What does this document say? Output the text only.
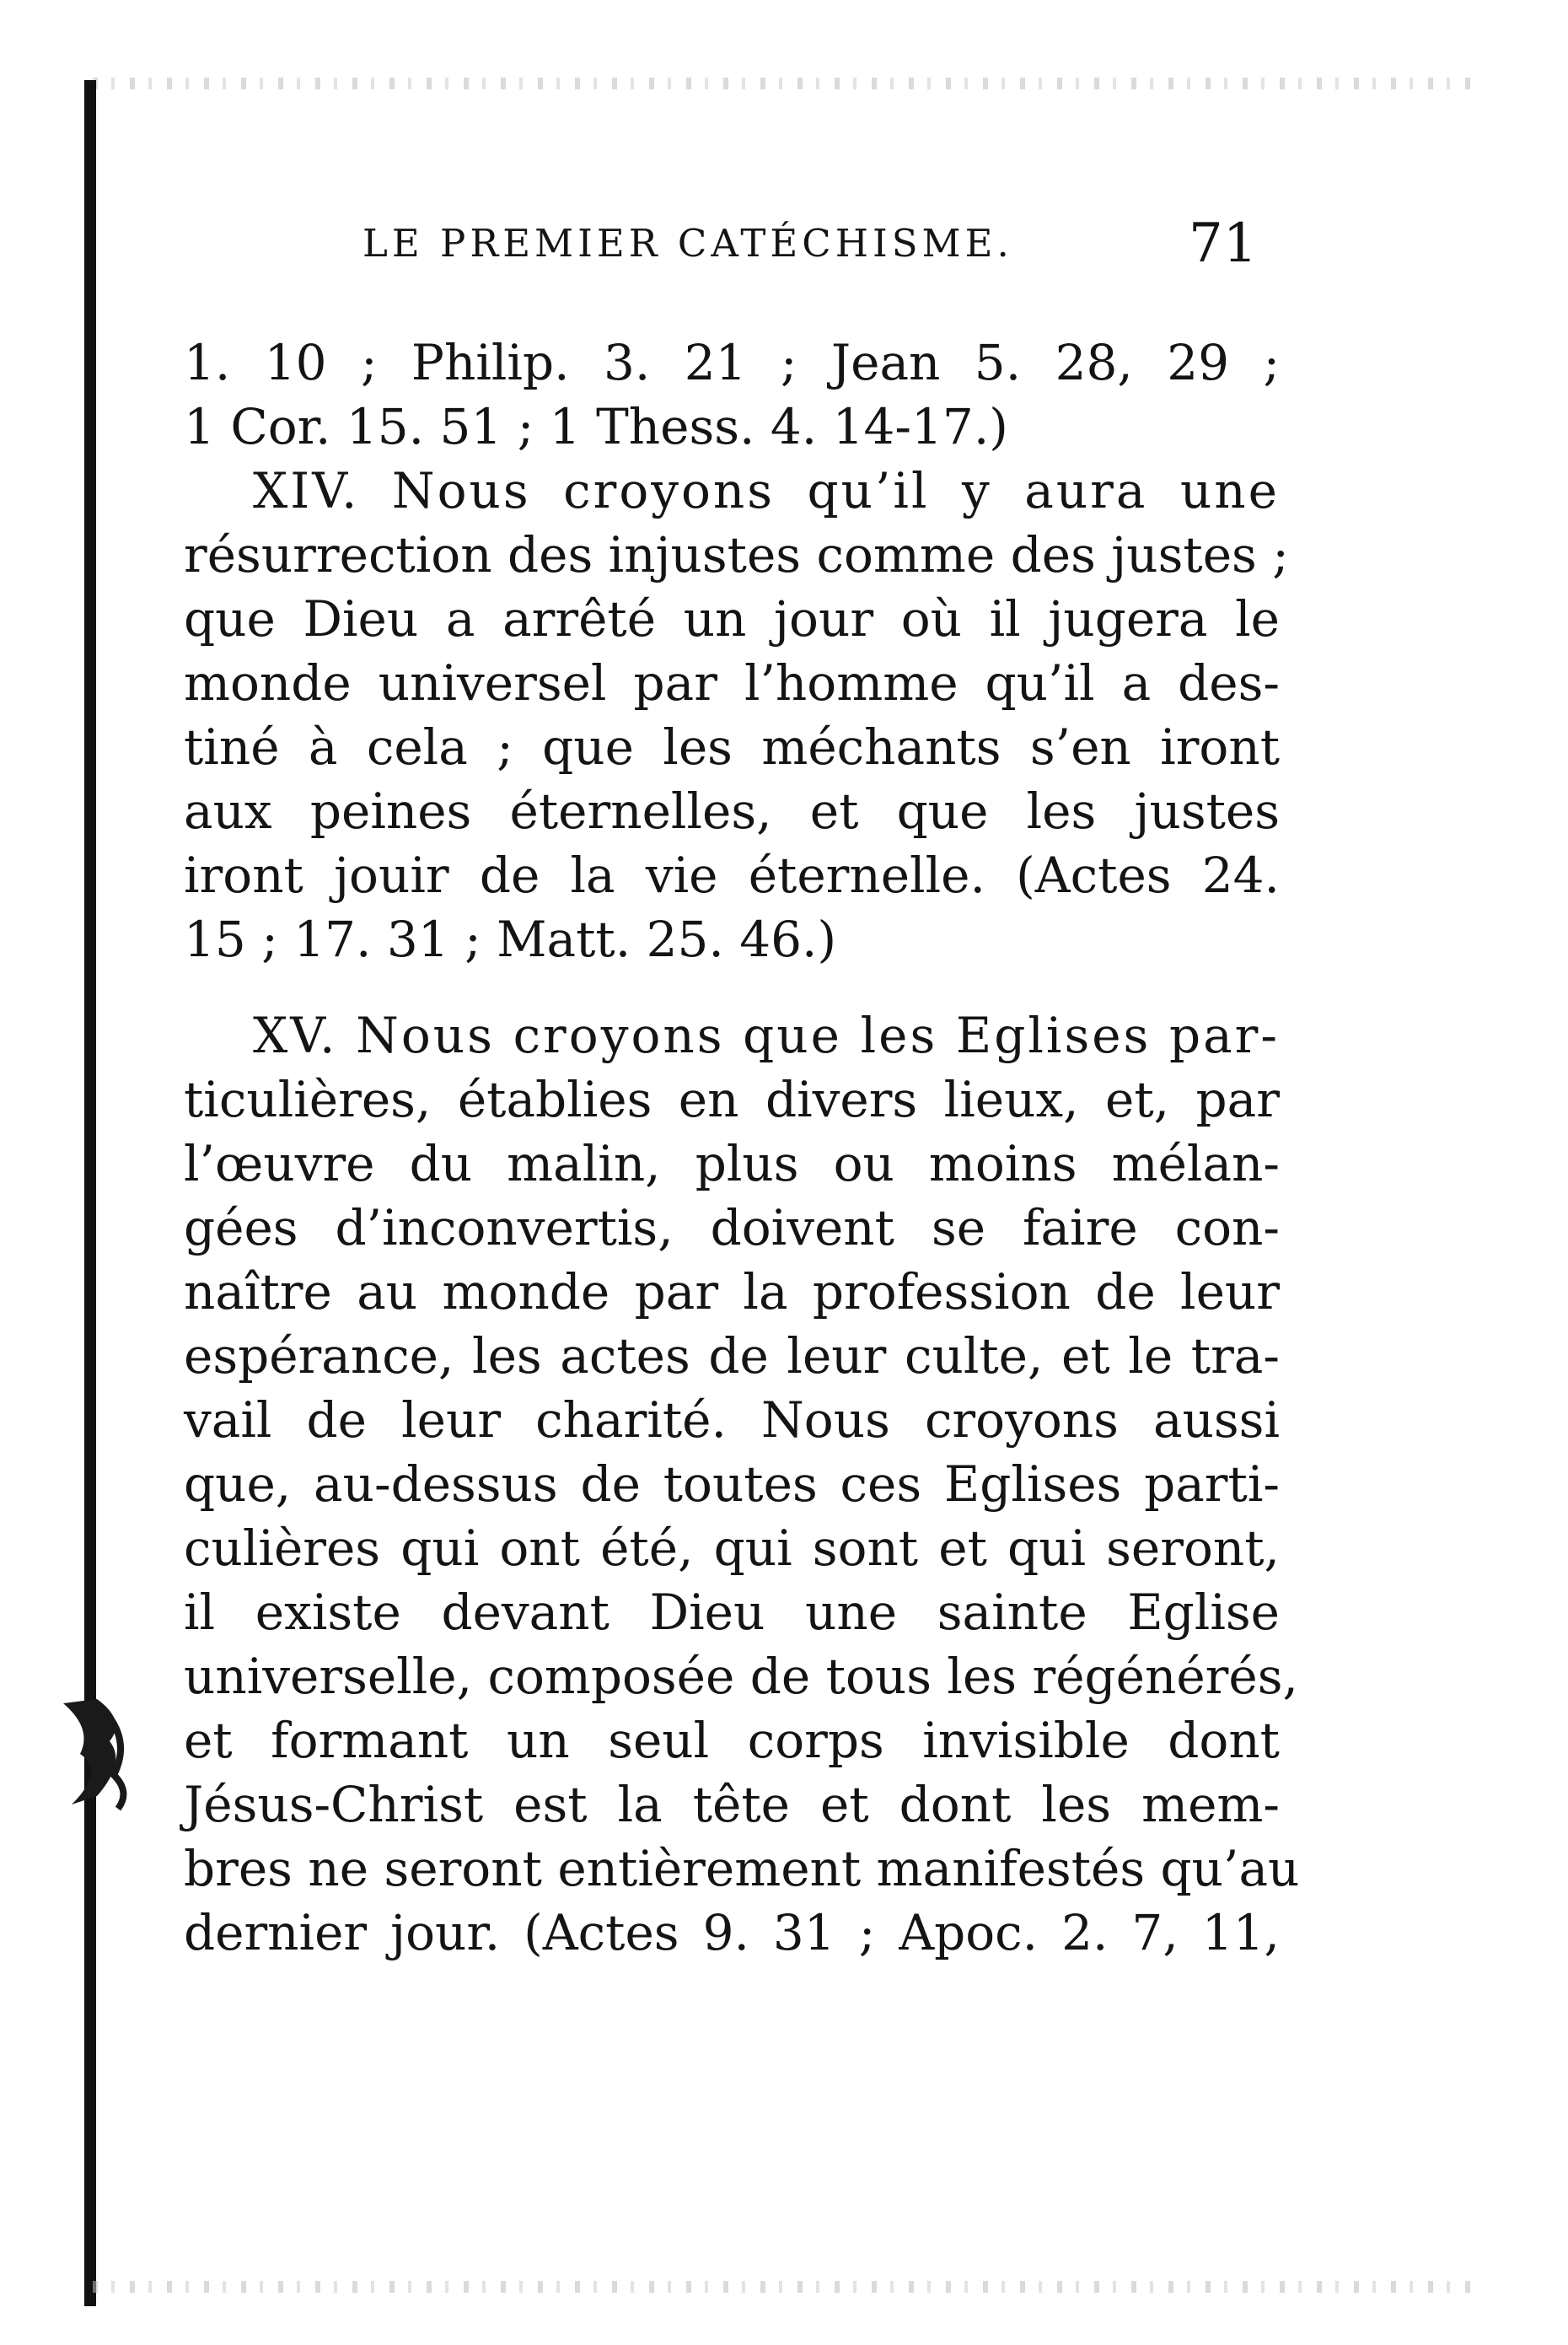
LE PREMIER CATÉCHISME.	71
1. 10 ; Philip. 3. 21 ; Jean 5. 28, 29 ;
1 Cor. 15. 51 ; 1 Thess. 4. 14-17.)
XIV. Nous croyons qu’il y aura une
résurrection des injustes comme des justes ;
que Dieu a arrêté un jour où il jugera le
monde universel par l’homme qu’il a des-
tiné à cela ; que les méchants s’en iront
aux peines éternelles, et que les justes
iront jouir de la vie éternelle. (Actes 24.
15 ; 17. 31 ; Matt. 25. 46.)
XV. Nous croyons que les Eglises par-
ticulières, établies en divers lieux, et, par
l’œuvre du malin, plus ou moins mélan-
gées d’inconvertis, doivent se faire con-
naître au monde par la profession de leur
espérance, les actes de leur culte, et le tra-
vail de leur charité. Nous croyons aussi
que, au-dessus de toutes ces Eglises parti-
culières qui ont été, qui sont et qui seront,
il existe devant Dieu une sainte Eglise
universelle, composée de tous les régénérés,
et formant un seul corps invisible dont
Jésus-Christ est la tête et dont les mem-
bres ne seront entièrement manifestés qu’au
dernier jour. (Actes 9. 31 ; Apoc. 2. 7, 11,
